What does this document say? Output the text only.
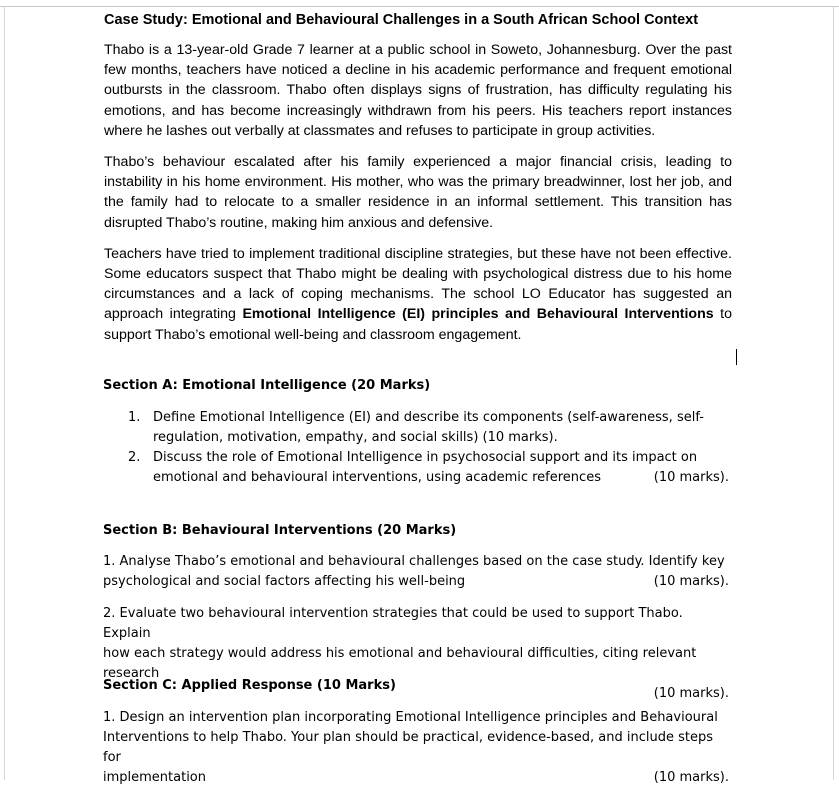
Case Study: Emotional and Behavioural Challenges in a South African School Context

Thabo is a 13-year-old Grade 7 learner at a public school in Soweto, Johannesburg. Over the past few months, teachers have noticed a decline in his academic performance and frequent emotional outbursts in the classroom. Thabo often displays signs of frustration, has difficulty regulating his emotions, and has become increasingly withdrawn from his peers. His teachers report instances where he lashes out verbally at classmates and refuses to participate in group activities.

Thabo’s behaviour escalated after his family experienced a major financial crisis, leading to instability in his home environment. His mother, who was the primary breadwinner, lost her job, and the family had to relocate to a smaller residence in an informal settlement. This transition has disrupted Thabo’s routine, making him anxious and defensive.

Teachers have tried to implement traditional discipline strategies, but these have not been effective. Some educators suspect that Thabo might be dealing with psychological distress due to his home circumstances and a lack of coping mechanisms. The school LO Educator has suggested an approach integrating Emotional Intelligence (EI) principles and Behavioural Interventions to support Thabo’s emotional well-being and classroom engagement.

Section A: Emotional Intelligence (20 Marks)

1. Define Emotional Intelligence (EI) and describe its components (self-awareness, self-
regulation, motivation, empathy, and social skills) (10 marks).
2. Discuss the role of Emotional Intelligence in psychosocial support and its impact on
emotional and behavioural interventions, using academic references	(10 marks).

Section B: Behavioural Interventions (20 Marks)

1. Analyse Thabo’s emotional and behavioural challenges based on the case study. Identify key
psychological and social factors affecting his well-being	(10 marks).
2. Evaluate two behavioural intervention strategies that could be used to support Thabo. Explain
how each strategy would address his emotional and behavioural difficulties, citing relevant research
(10 marks).

Section C: Applied Response (10 Marks)

1. Design an intervention plan incorporating Emotional Intelligence principles and Behavioural
Interventions to help Thabo. Your plan should be practical, evidence-based, and include steps for
implementation	(10 marks).
